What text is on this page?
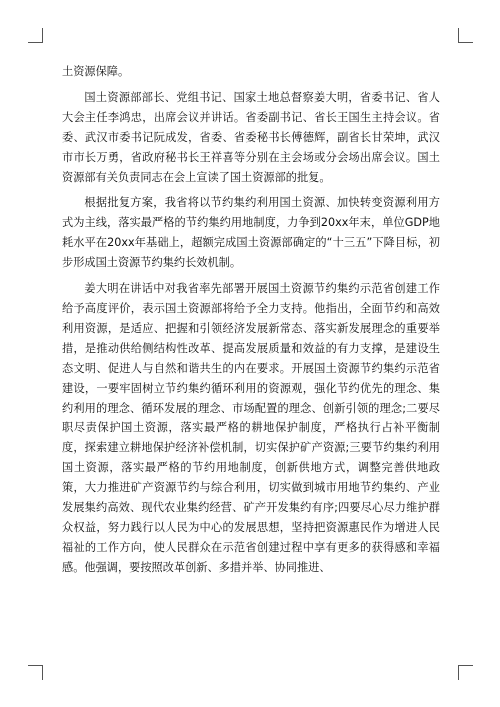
土资源保障。

国土资源部部长、党组书记、国家土地总督察姜大明，省委书记、省人大会主任李鸿忠，出席会议并讲话。省委副书记、省长王国生主持会议。省委、武汉市委书记阮成发，省委、省委秘书长傅德辉，副省长甘荣坤，武汉市市长万勇，省政府秘书长王祥喜等分别在主会场或分会场出席会议。国土资源部有关负责同志在会上宣读了国土资源部的批复。

根据批复方案，我省将以节约集约利用国土资源、加快转变资源利用方式为主线，落实最严格的节约集约用地制度，力争到20xx年末，单位GDP地耗水平在20xx年基础上，超额完成国土资源部确定的“十三五”下降目标，初步形成国土资源节约集约长效机制。

姜大明在讲话中对我省率先部署开展国土资源节约集约示范省创建工作给予高度评价，表示国土资源部将给予全力支持。他指出，全面节约和高效利用资源，是适应、把握和引领经济发展新常态、落实新发展理念的重要举措，是推动供给侧结构性改革、提高发展质量和效益的有力支撑，是建设生态文明、促进人与自然和谐共生的内在要求。开展国土资源节约集约示范省建设，一要牢固树立节约集约循环利用的资源观，强化节约优先的理念、集约利用的理念、循环发展的理念、市场配置的理念、创新引领的理念;二要尽职尽责保护国土资源，落实最严格的耕地保护制度，严格执行占补平衡制度，探索建立耕地保护经济补偿机制，切实保护矿产资源;三要节约集约利用国土资源，落实最严格的节约用地制度，创新供地方式，调整完善供地政策，大力推进矿产资源节约与综合利用，切实做到城市用地节约集约、产业发展集约高效、现代农业集约经营、矿产开发集约有序;四要尽心尽力维护群众权益，努力践行以人民为中心的发展思想，坚持把资源惠民作为增进人民福祉的工作方向，使人民群众在示范省创建过程中享有更多的获得感和幸福感。他强调，要按照改革创新、多措并举、协同推进、
